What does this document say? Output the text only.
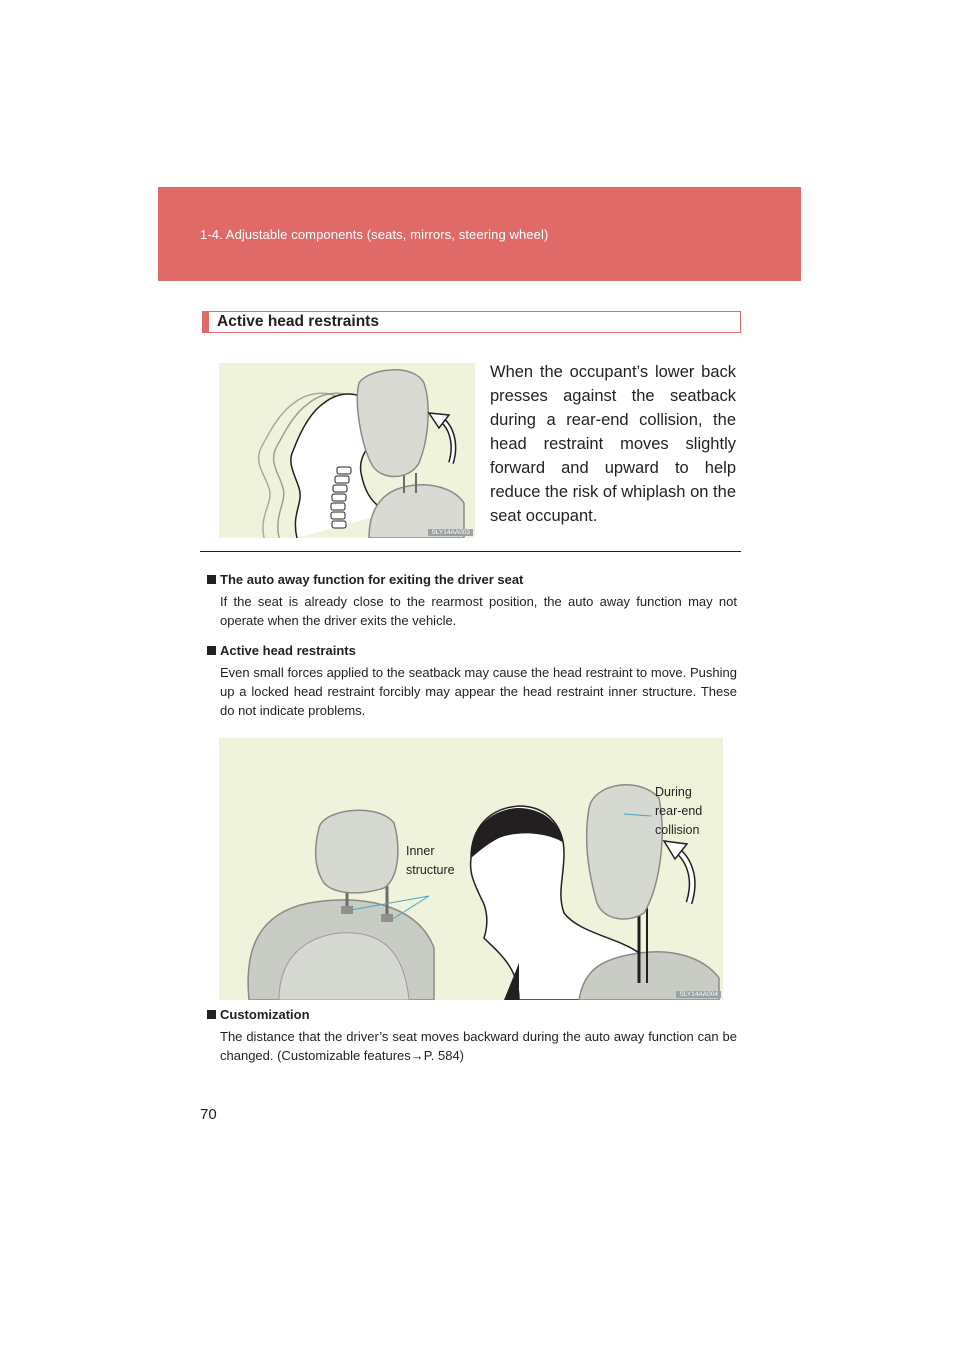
1-4. Adjustable components (seats, mirrors, steering wheel)
Active head restraints
SLY14AA003
When the occupant’s lower back presses against the seatback during a rear-end collision, the head restraint moves slightly forward and upward to help reduce the risk of whiplash on the seat occupant.
The auto away function for exiting the driver seat
If the seat is already close to the rearmost position, the auto away function may not operate when the driver exits the vehicle.
Active head restraints
Even small forces applied to the seatback may cause the head restraint to move. Pushing up a locked head restraint forcibly may appear the head restraint inner structure. These do not indicate problems.
Inner
structure
During
rear-end
collision
SLY14AA004
Customization
The distance that the driver’s seat moves backward during the auto away function can be changed. (Customizable features→P. 584)
70
